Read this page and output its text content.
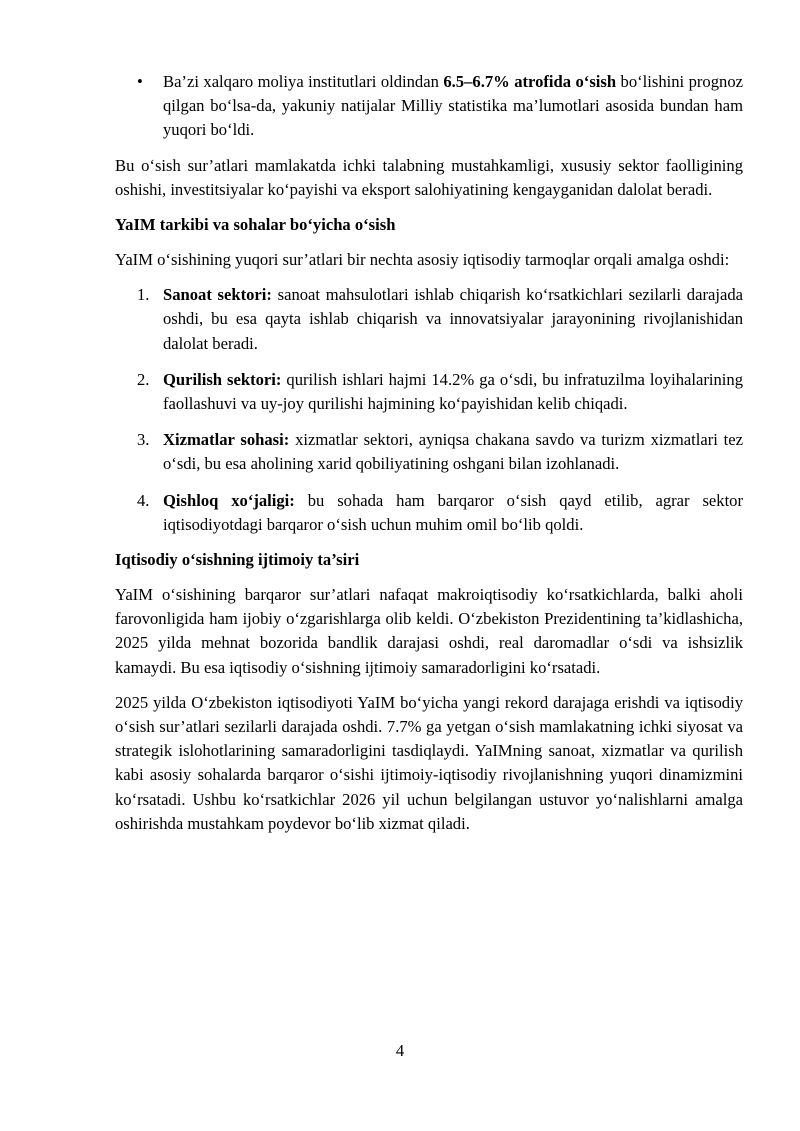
• Ba’zi xalqaro moliya institutlari oldindan 6.5–6.7% atrofida o‘sish bo‘lishini prognoz qilgan bo‘lsa-da, yakuniy natijalar Milliy statistika ma’lumotlari asosida bundan ham yuqori bo‘ldi.

Bu o‘sish sur’atlari mamlakatda ichki talabning mustahkamligi, xususiy sektor faolligining oshishi, investitsiyalar ko‘payishi va eksport salohiyatining kengayganidan dalolat beradi.

YaIM tarkibi va sohalar bo‘yicha o‘sish

YaIM o‘sishining yuqori sur’atlari bir nechta asosiy iqtisodiy tarmoqlar orqali amalga oshdi:

1. Sanoat sektori: sanoat mahsulotlari ishlab chiqarish ko‘rsatkichlari sezilarli darajada oshdi, bu esa qayta ishlab chiqarish va innovatsiyalar jarayonining rivojlanishidan dalolat beradi.
2. Qurilish sektori: qurilish ishlari hajmi 14.2% ga o‘sdi, bu infratuzilma loyihalarining faollashuvi va uy-joy qurilishi hajmining ko‘payishidan kelib chiqadi.
3. Xizmatlar sohasi: xizmatlar sektori, ayniqsa chakana savdo va turizm xizmatlari tez o‘sdi, bu esa aholining xarid qobiliyatining oshgani bilan izohlanadi.
4. Qishloq xo‘jaligi: bu sohada ham barqaror o‘sish qayd etilib, agrar sektor iqtisodiyotdagi barqaror o‘sish uchun muhim omil bo‘lib qoldi.

Iqtisodiy o‘sishning ijtimoiy ta’siri

YaIM o‘sishining barqaror sur’atlari nafaqat makroiqtisodiy ko‘rsatkichlarda, balki aholi farovonligida ham ijobiy o‘zgarishlarga olib keldi. O‘zbekiston Prezidentining ta’kidlashicha, 2025 yilda mehnat bozorida bandlik darajasi oshdi, real daromadlar o‘sdi va ishsizlik kamaydi. Bu esa iqtisodiy o‘sishning ijtimoiy samaradorligini ko‘rsatadi.

2025 yilda O‘zbekiston iqtisodiyoti YaIM bo‘yicha yangi rekord darajaga erishdi va iqtisodiy o‘sish sur’atlari sezilarli darajada oshdi. 7.7% ga yetgan o‘sish mamlakatning ichki siyosat va strategik islohotlarining samaradorligini tasdiqlaydi. YaIMning sanoat, xizmatlar va qurilish kabi asosiy sohalarda barqaror o‘sishi ijtimoiy-iqtisodiy rivojlanishning yuqori dinamizmini ko‘rsatadi. Ushbu ko‘rsatkichlar 2026 yil uchun belgilangan ustuvor yo‘nalishlarni amalga oshirishda mustahkam poydevor bo‘lib xizmat qiladi.

4
